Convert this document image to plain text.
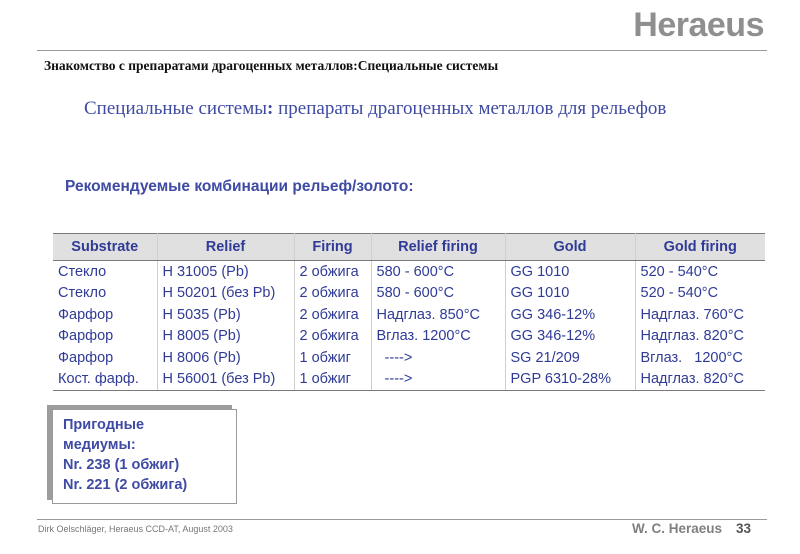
Heraeus
Знакомство с препаратами драгоценных металлов:Специальные системы
Специальные системы: препараты драгоценных металлов для рельефов
Рекомендуемые комбинации рельеф/золото:
Substrate	Relief	Firing	Relief firing	Gold	Gold firing
Стекло	H 31005 (Pb)	2 обжига	580 - 600°C	GG 1010	520 - 540°C
Стекло	H 50201 (без Pb)	2 обжига	580 - 600°C	GG 1010	520 - 540°C
Фарфор	H 5035 (Pb)	2 обжига	Надглаз. 850°C	GG 346-12%	Надглаз. 760°C
Фарфор	H 8005 (Pb)	2 обжига	Вглаз. 1200°C	GG 346-12%	Надглаз. 820°C
Фарфор	H 8006 (Pb)	1 обжиг	---->	SG 21/209	Вглаз.   1200°C
Кост. фарф.	H 56001 (без Pb)	1 обжиг	---->	PGP 6310-28%	Надглаз. 820°C
Пригодные
медиумы:
Nr. 238 (1 обжиг)
Nr. 221 (2 обжига)
Dirk Oelschläger, Heraeus CCD-AT, August 2003	W. C. Heraeus 33
